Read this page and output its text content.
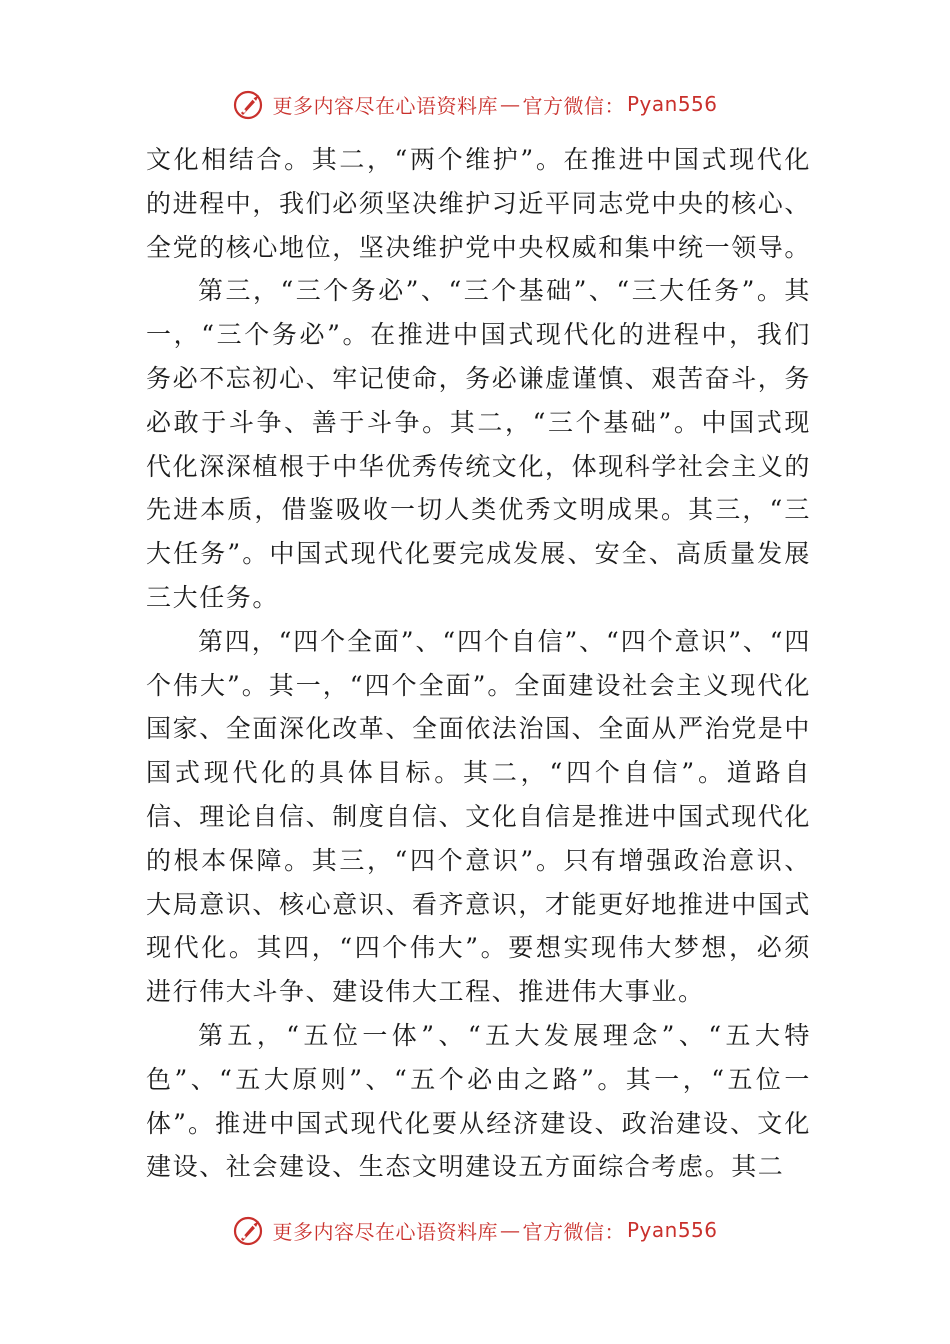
更多内容尽在心语资料库 — 官方微信： Pyan556

文化相结合。其二，“两个维护”。在推进中国式现代化的进程中，我们必须坚决维护习近平同志党中央的核心、全党的核心地位，坚决维护党中央权威和集中统一领导。

第三，“三个务必”、“三个基础”、“三大任务”。其一，“三个务必”。在推进中国式现代化的进程中，我们务必不忘初心、牢记使命，务必谦虚谨慎、艰苦奋斗，务必敢于斗争、善于斗争。其二，“三个基础”。中国式现代化深深植根于中华优秀传统文化，体现科学社会主义的先进本质，借鉴吸收一切人类优秀文明成果。其三，“三大任务”。中国式现代化要完成发展、安全、高质量发展三大任务。

第四，“四个全面”、“四个自信”、“四个意识”、“四个伟大”。其一，“四个全面”。全面建设社会主义现代化国家、全面深化改革、全面依法治国、全面从严治党是中国式现代化的具体目标。其二，“四个自信”。道路自信、理论自信、制度自信、文化自信是推进中国式现代化的根本保障。其三，“四个意识”。只有增强政治意识、大局意识、核心意识、看齐意识，才能更好地推进中国式现代化。其四，“四个伟大”。要想实现伟大梦想，必须进行伟大斗争、建设伟大工程、推进伟大事业。

第五，“五位一体”、“五大发展理念”、“五大特色”、“五大原则”、“五个必由之路”。其一，“五位一体”。推进中国式现代化要从经济建设、政治建设、文化建设、社会建设、生态文明建设五方面综合考虑。其二

更多内容尽在心语资料库 — 官方微信： Pyan556
